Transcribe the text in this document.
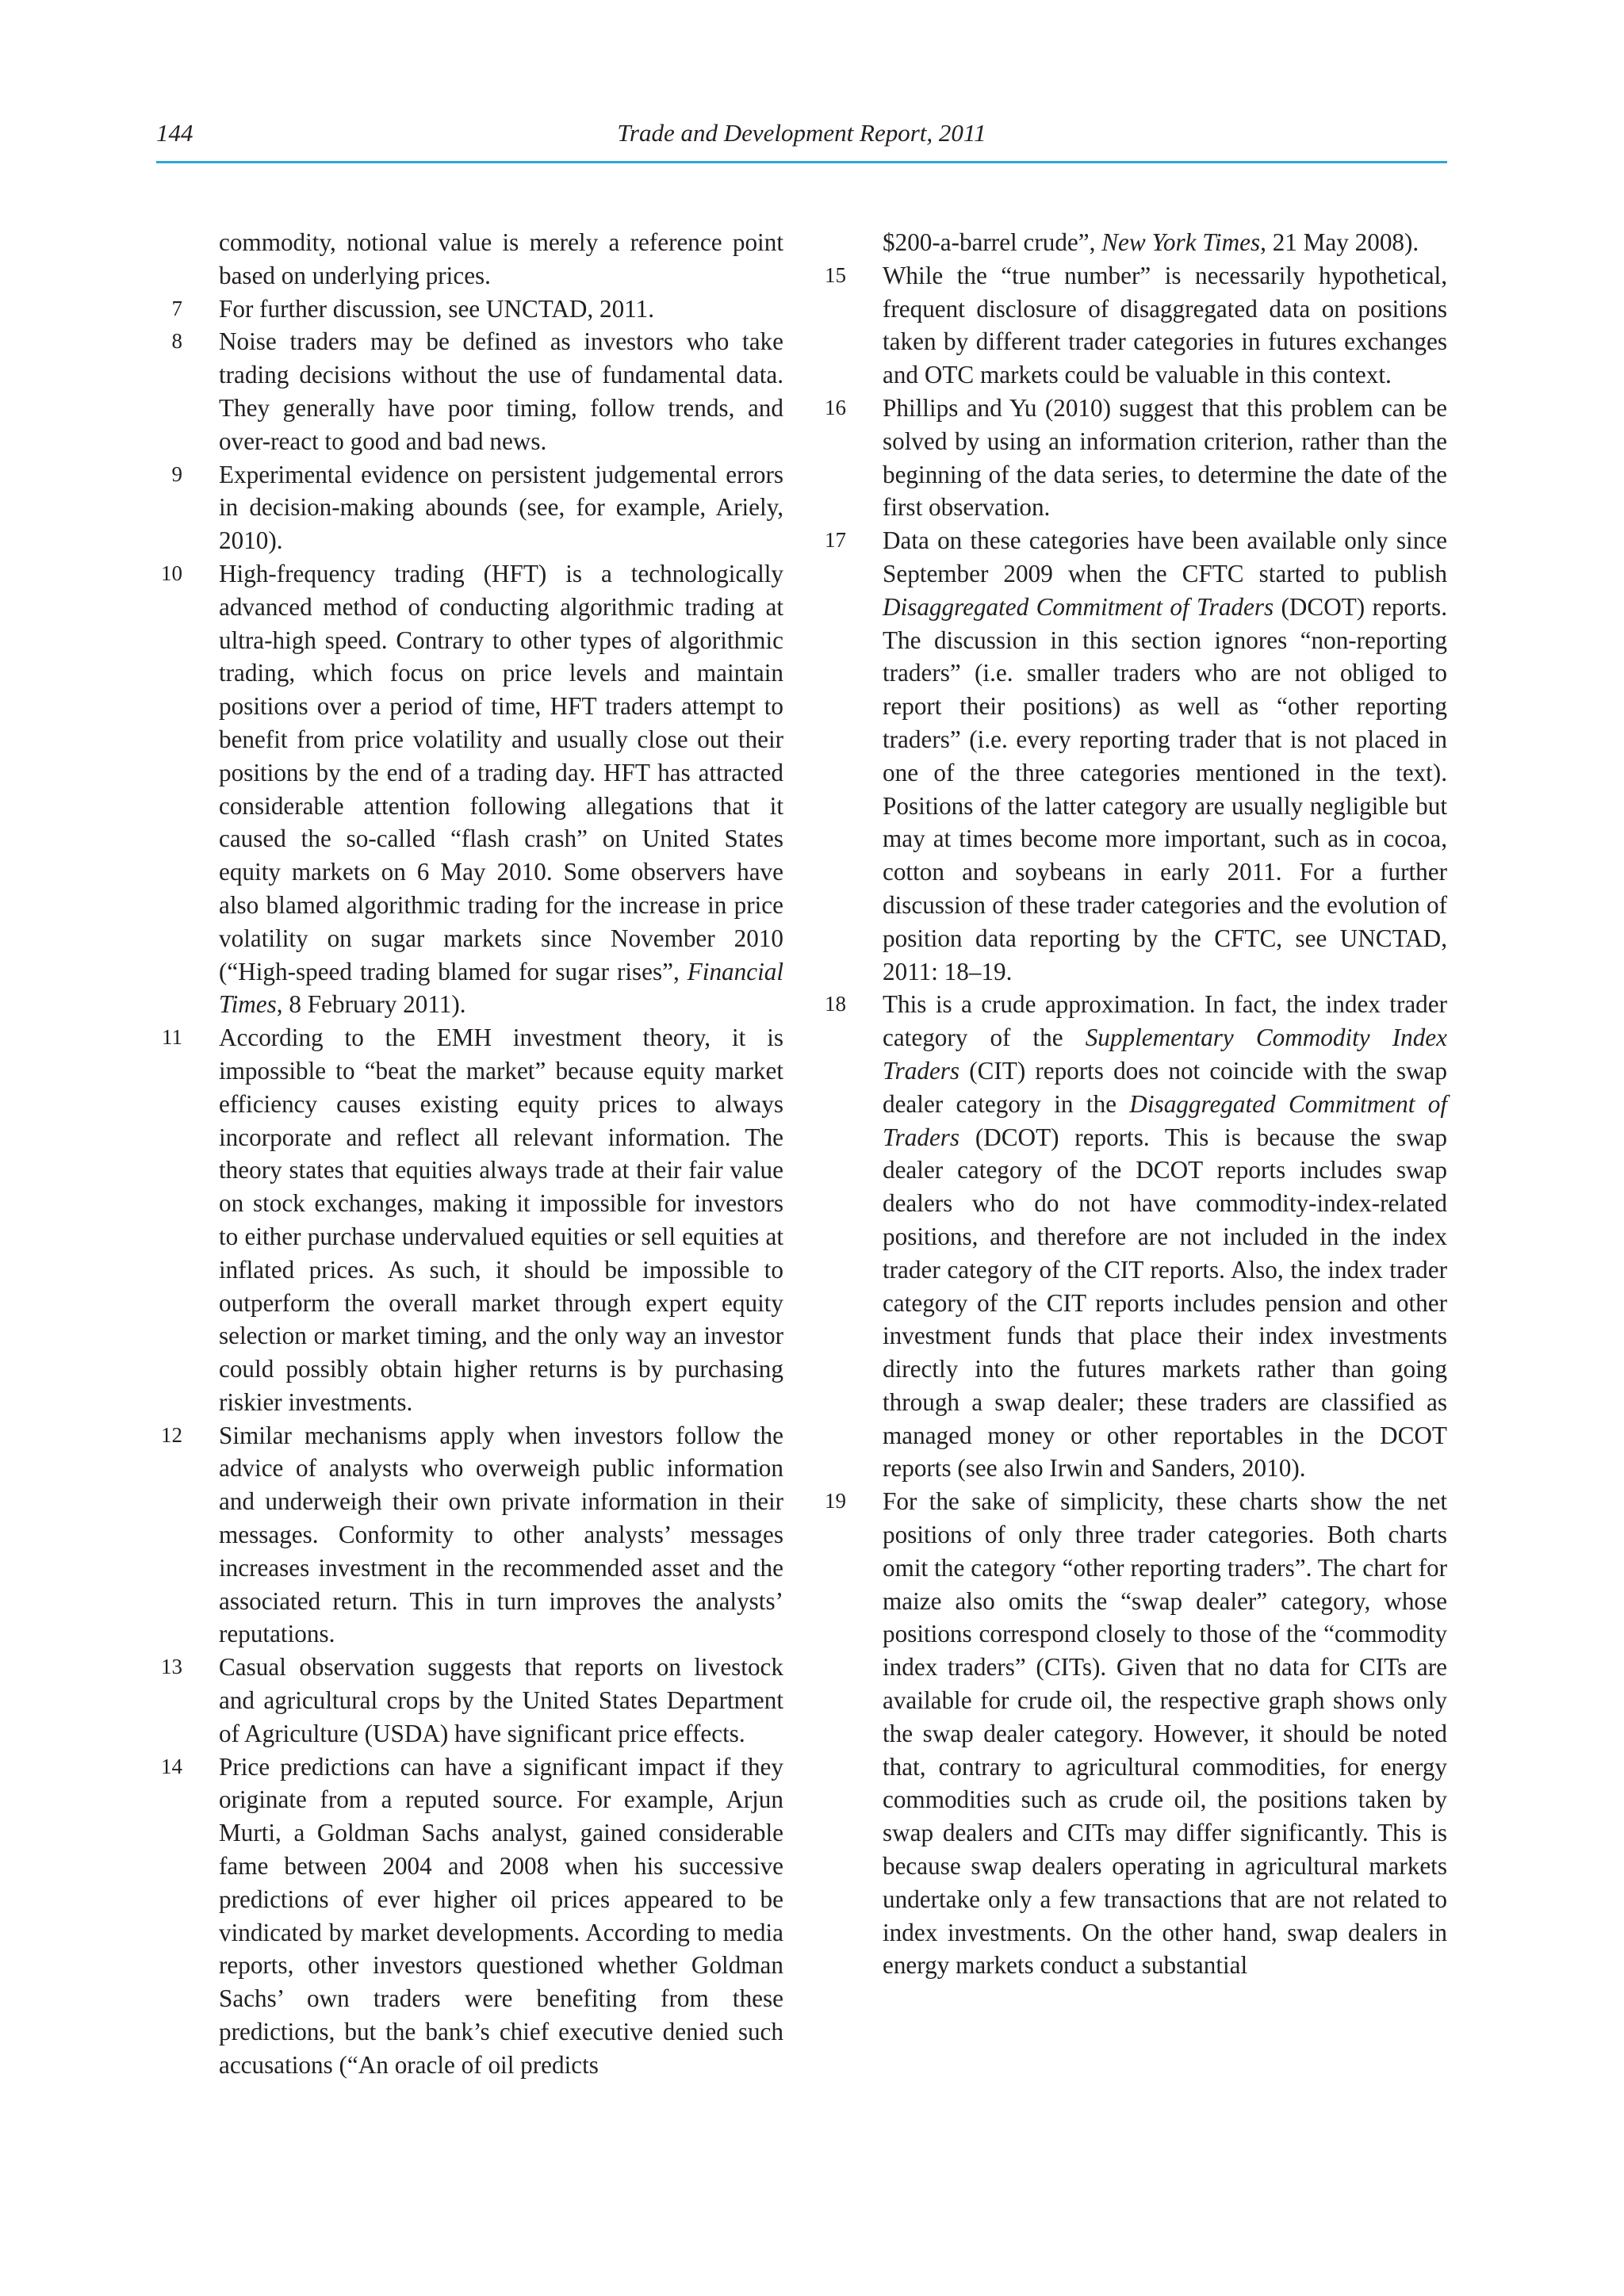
144	Trade and Development Report, 2011
commodity, notional value is merely a reference point based on underlying prices.
7 For further discussion, see UNCTAD, 2011.
8 Noise traders may be defined as investors who take trading decisions without the use of fundamental data. They generally have poor timing, follow trends, and over-react to good and bad news.
9 Experimental evidence on persistent judgemental errors in decision-making abounds (see, for example, Ariely, 2010).
10 High-frequency trading (HFT) is a technologically advanced method of conducting algorithmic trading at ultra-high speed. Contrary to other types of algorithmic trading, which focus on price levels and maintain positions over a period of time, HFT traders attempt to benefit from price volatility and usually close out their positions by the end of a trading day. HFT has attracted considerable attention following allegations that it caused the so-called “flash crash” on United States equity markets on 6 May 2010. Some observers have also blamed algorithmic trading for the increase in price volatility on sugar markets since November 2010 (“High-speed trading blamed for sugar rises”, Financial Times, 8 February 2011).
11 According to the EMH investment theory, it is impossible to “beat the market” because equity market efficiency causes existing equity prices to always incorporate and reflect all relevant information. The theory states that equities always trade at their fair value on stock exchanges, making it impossible for investors to either purchase undervalued equities or sell equities at inflated prices. As such, it should be impossible to outperform the overall market through expert equity selection or market timing, and the only way an investor could possibly obtain higher returns is by purchasing riskier investments.
12 Similar mechanisms apply when investors follow the advice of analysts who overweigh public information and underweigh their own private information in their messages. Conformity to other analysts’ messages increases investment in the recommended asset and the associated return. This in turn improves the analysts’ reputations.
13 Casual observation suggests that reports on livestock and agricultural crops by the United States Department of Agriculture (USDA) have significant price effects.
14 Price predictions can have a significant impact if they originate from a reputed source. For example, Arjun Murti, a Goldman Sachs analyst, gained considerable fame between 2004 and 2008 when his successive predictions of ever higher oil prices appeared to be vindicated by market developments. According to media reports, other investors questioned whether Goldman Sachs’ own traders were benefiting from these predictions, but the bank’s chief executive denied such accusations (“An oracle of oil predicts
$200-a-barrel crude”, New York Times, 21 May 2008).
15 While the “true number” is necessarily hypothetical, frequent disclosure of disaggregated data on positions taken by different trader categories in futures exchanges and OTC markets could be valuable in this context.
16 Phillips and Yu (2010) suggest that this problem can be solved by using an information criterion, rather than the beginning of the data series, to determine the date of the first observation.
17 Data on these categories have been available only since September 2009 when the CFTC started to publish Disaggregated Commitment of Traders (DCOT) reports. The discussion in this section ignores “non-reporting traders” (i.e. smaller traders who are not obliged to report their positions) as well as “other reporting traders” (i.e. every reporting trader that is not placed in one of the three categories mentioned in the text). Positions of the latter category are usually negligible but may at times become more important, such as in cocoa, cotton and soybeans in early 2011. For a further discussion of these trader categories and the evolution of position data reporting by the CFTC, see UNCTAD, 2011: 18–19.
18 This is a crude approximation. In fact, the index trader category of the Supplementary Commodity Index Traders (CIT) reports does not coincide with the swap dealer category in the Disaggregated Commitment of Traders (DCOT) reports. This is because the swap dealer category of the DCOT reports includes swap dealers who do not have commodity-index-related positions, and therefore are not included in the index trader category of the CIT reports. Also, the index trader category of the CIT reports includes pension and other investment funds that place their index investments directly into the futures markets rather than going through a swap dealer; these traders are classified as managed money or other reportables in the DCOT reports (see also Irwin and Sanders, 2010).
19 For the sake of simplicity, these charts show the net positions of only three trader categories. Both charts omit the category “other reporting traders”. The chart for maize also omits the “swap dealer” category, whose positions correspond closely to those of the “commodity index traders” (CITs). Given that no data for CITs are available for crude oil, the respective graph shows only the swap dealer category. However, it should be noted that, contrary to agricultural commodities, for energy commodities such as crude oil, the positions taken by swap dealers and CITs may differ significantly. This is because swap dealers operating in agricultural markets undertake only a few transactions that are not related to index investments. On the other hand, swap dealers in energy markets conduct a substantial
